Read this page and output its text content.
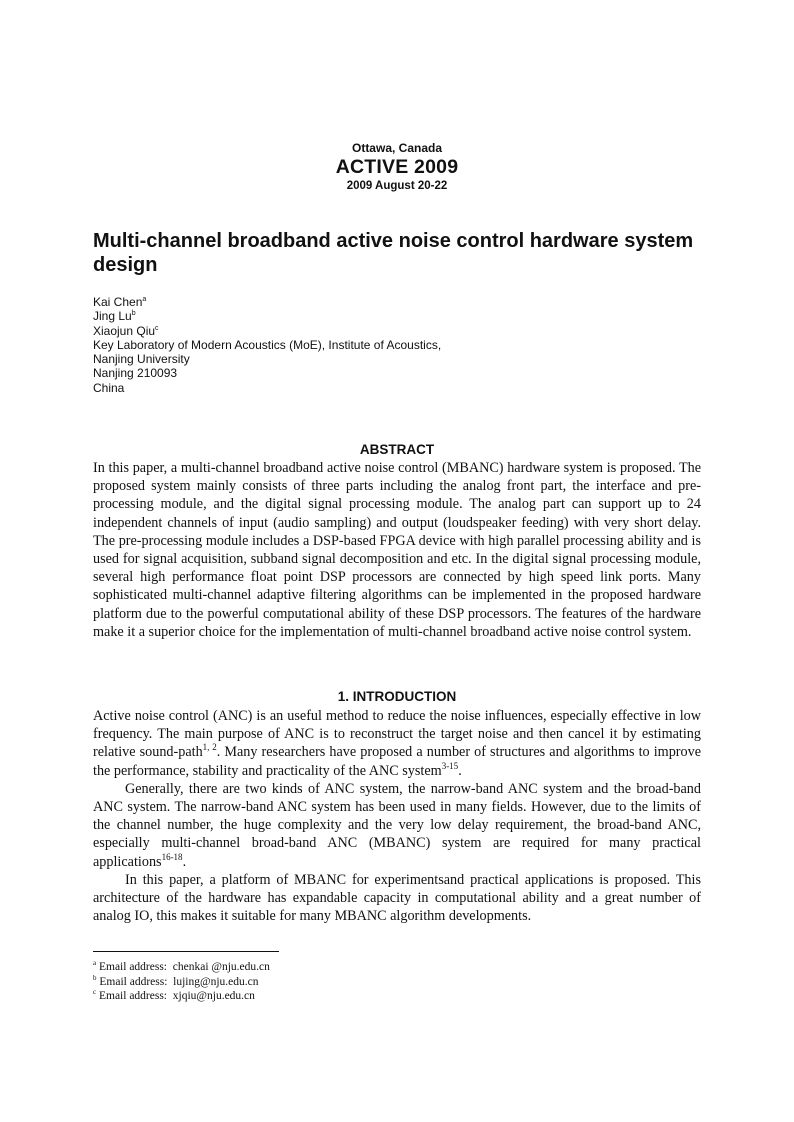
Ottawa, Canada
ACTIVE 2009
2009 August 20-22
Multi-channel broadband active noise control hardware system design
Kai Chen$^a$
Jing Lu$^b$
Xiaojun Qiu$^c$
Key Laboratory of Modern Acoustics (MoE), Institute of Acoustics,
Nanjing University
Nanjing 210093
China
ABSTRACT

In this paper, a multi-channel broadband active noise control (MBANC) hardware system is proposed. The proposed system mainly consists of three parts including the analog front part, the interface and pre-processing module, and the digital signal processing module. The analog part can support up to 24 independent channels of input (audio sampling) and output (loudspeaker feeding) with very short delay. The pre-processing module includes a DSP-based FPGA device with high parallel processing ability and is used for signal acquisition, subband signal decomposition and etc. In the digital signal processing module, several high performance float point DSP processors are connected by high speed link ports. Many sophisticated multi-channel adaptive filtering algorithms can be implemented in the proposed hardware platform due to the powerful computational ability of these DSP processors. The features of the hardware make it a superior choice for the implementation of multi-channel broadband active noise control system.

1. INTRODUCTION

Active noise control (ANC) is an useful method to reduce the noise influences, especially effective in low frequency. The main purpose of ANC is to reconstruct the target noise and then cancel it by estimating relative sound-path$^{1, 2}$. Many researchers have proposed a number of structures and algorithms to improve the performance, stability and practicality of the ANC system$^{3-15}$.

Generally, there are two kinds of ANC system, the narrow-band ANC system and the broad-band ANC system. The narrow-band ANC system has been used in many fields. However, due to the limits of the channel number, the huge complexity and the very low delay requirement, the broad-band ANC, especially multi-channel broad-band ANC (MBANC) system are required for many practical applications$^{16-18}$.

In this paper, a platform of MBANC for experimentsand practical applications is proposed. This architecture of the hardware has expandable capacity in computational ability and a great number of analog IO, this makes it suitable for many MBANC algorithm developments.

$^a$ Email address: chenkai @nju.edu.cn
$^b$ Email address: lujing@nju.edu.cn
$^c$ Email address: xjqiu@nju.edu.cn
